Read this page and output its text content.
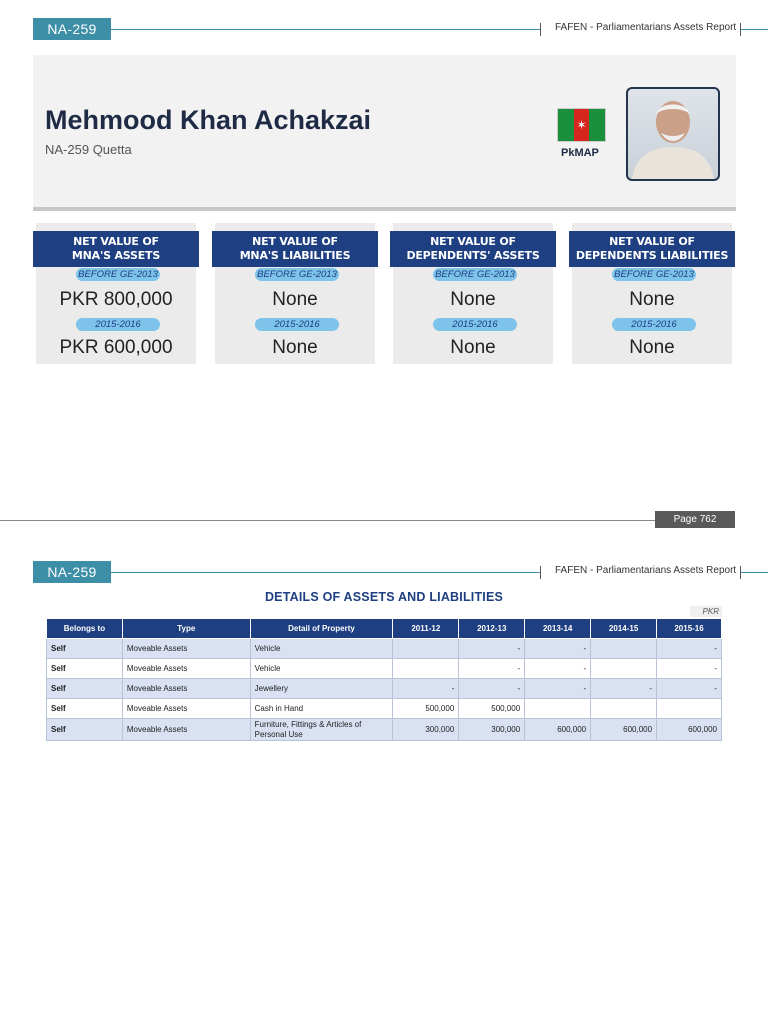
NA-259	FAFEN - Parliamentarians Assets Report
Mehmood Khan Achakzai
NA-259 Quetta
✶
PkMAP
NET VALUE OF
MNA'S ASSETS
BEFORE GE-2013
PKR 800,000
2015-2016
PKR 600,000
NET VALUE OF
MNA'S LIABILITIES
BEFORE GE-2013
None
2015-2016
None
NET VALUE OF
DEPENDENTS' ASSETS
BEFORE GE-2013
None
2015-2016
None
NET VALUE OF
DEPENDENTS LIABILITIES
BEFORE GE-2013
None
2015-2016
None
Page 762
NA-259	FAFEN - Parliamentarians Assets Report
DETAILS OF ASSETS AND LIABILITIES
PKR
Belongs to	Type	Detail of Property	2011-12	2012-13	2013-14	2014-15	2015-16
Self	Moveable Assets	Vehicle		-	-		-
Self	Moveable Assets	Vehicle		-	-		-
Self	Moveable Assets	Jewellery	-	-	-	-	-
Self	Moveable Assets	Cash in Hand	500,000	500,000			
Self	Moveable Assets	Furniture, Fittings & Articles of Personal Use	300,000	300,000	600,000	600,000	600,000
